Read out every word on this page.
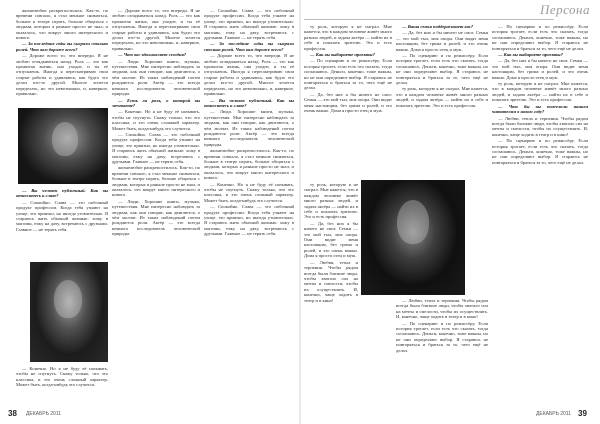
Персона

жизнелюбие раскрепостилось. Как-то, по времени совпало, я стал меньше сниматься, больше в театре играть, больше общаться с людьми, которых я раньше просто не знал, и оказалось, что вокруг много интересного и нового.

— За последние годы вы сыграли столько ролей. Что вам дороже всего?

— Дороже всего то, что впереди. Я не люблю оглядываться назад. Роль — это как прожитая жизнь, она уходит, и ты её отпускаешь. Иногда я пересматриваю свои старые работы и удивляюсь, как будто это делал кто-то другой. Многое хочется переделать, но это невозможно, и, наверное, правильно.

— Вы человек публичный. Как вы относитесь к славе?

— Спокойно. Слава — это побочный продукт профессии. Когда тебя узнают на улице, это приятно, но иногда утомительно. Я стараюсь жить обычной жизнью: хожу в магазин, езжу на дачу, встречаюсь с друзьями. Главное — не терять себя.

— Конечно. Но я не буду её называть, чтобы не спугнуть. Скажу только, что это классика, и это очень сложный характер. Может быть, когда-нибудь это случится.

— Дороже всего то, что впереди. Я не люблю оглядываться назад. Роль — это как прожитая жизнь, она уходит, и ты её отпускаешь. Иногда я пересматриваю свои старые работы и удивляюсь, как будто это делал кто-то другой. Многое хочется переделать, но это невозможно, и, наверное, правильно.

— Что вас вдохновляет сегодня?

— Люди. Хорошие книги, музыка, путешествия. Мне интересно наблюдать за людьми, как они говорят, как двигаются, о чём молчат. Из таких наблюдений потом рождаются роли. Актёр — это всегда немного исследователь человеческой природы.

— Есть ли роль, о которой вы мечтаете?

— Конечно. Но я не буду её называть, чтобы не спугнуть. Скажу только, что это классика, и это очень сложный характер. Может быть, когда-нибудь это случится.

— Спокойно. Слава — это побочный продукт профессии. Когда тебя узнают на улице, это приятно, но иногда утомительно. Я стараюсь жить обычной жизнью: хожу в магазин, езжу на дачу, встречаюсь с друзьями. Главное — не терять себя.

жизнелюбие раскрепостилось. Как-то, по времени совпало, я стал меньше сниматься, больше в театре играть, больше общаться с людьми, которых я раньше просто не знал, и оказалось, что вокруг много интересного и нового.

— Люди. Хорошие книги, музыка, путешествия. Мне интересно наблюдать за людьми, как они говорят, как двигаются, о чём молчат. Из таких наблюдений потом рождаются роли. Актёр — это всегда немного исследователь человеческой природы.

— Спокойно. Слава — это побочный продукт профессии. Когда тебя узнают на улице, это приятно, но иногда утомительно. Я стараюсь жить обычной жизнью: хожу в магазин, езжу на дачу, встречаюсь с друзьями. Главное — не терять себя.

— За последние годы вы сыграли столько ролей. Что вам дороже всего?

— Дороже всего то, что впереди. Я не люблю оглядываться назад. Роль — это как прожитая жизнь, она уходит, и ты её отпускаешь. Иногда я пересматриваю свои старые работы и удивляюсь, как будто это делал кто-то другой. Многое хочется переделать, но это невозможно, и, наверное, правильно.

— Вы человек публичный. Как вы относитесь к славе?

— Люди. Хорошие книги, музыка, путешествия. Мне интересно наблюдать за людьми, как они говорят, как двигаются, о чём молчат. Из таких наблюдений потом рождаются роли. Актёр — это всегда немного исследователь человеческой природы.

жизнелюбие раскрепостилось. Как-то, по времени совпало, я стал меньше сниматься, больше в театре играть, больше общаться с людьми, которых я раньше просто не знал, и оказалось, что вокруг много интересного и нового.

— Конечно. Но я не буду её называть, чтобы не спугнуть. Скажу только, что это классика, и это очень сложный характер. Может быть, когда-нибудь это случится.

— Спокойно. Слава — это побочный продукт профессии. Когда тебя узнают на улице, это приятно, но иногда утомительно. Я стараюсь жить обычной жизнью: хожу в магазин, езжу на дачу, встречаюсь с друзьями. Главное — не терять себя.

38 ДЕКАБРЬ 2011

ту роль, которую я не сыграл. Мне кажется, что в каждом человеке живёт много разных людей, и задача актёра — найти их в себе и показать зрителю. Это и есть профессия.

— Как вы выбираете проекты?

— По сценарию и по режиссёру. Если история трогает, если есть что сказать, тогда соглашаюсь. Деньги, конечно, тоже важны, но не они определяют выбор. Я стараюсь не повторяться и браться за то, чего ещё не делал.

— Да, без них я бы ничего не смог. Семья — это мой тыл, моя опора. Они видят меня настоящим, без грима и ролей, и это очень важно. Дома я просто отец и муж.

— Ваша семья поддерживает вас?

— Да, без них я бы ничего не смог. Семья — это мой тыл, моя опора. Они видят меня настоящим, без грима и ролей, и это очень важно. Дома я просто отец и муж.

— По сценарию и по режиссёру. Если история трогает, если есть что сказать, тогда соглашаюсь. Деньги, конечно, тоже важны, но не они определяют выбор. Я стараюсь не повторяться и браться за то, чего ещё не делал.

ту роль, которую я не сыграл. Мне кажется, что в каждом человеке живёт много разных людей, и задача актёра — найти их в себе и показать зрителю. Это и есть профессия.

— По сценарию и по режиссёру. Если история трогает, если есть что сказать, тогда соглашаюсь. Деньги, конечно, тоже важны, но не они определяют выбор. Я стараюсь не повторяться и браться за то, чего ещё не делал.

— Как вы выбираете проекты?

— Да, без них я бы ничего не смог. Семья — это мой тыл, моя опора. Они видят меня настоящим, без грима и ролей, и это очень важно. Дома я просто отец и муж.

ту роль, которую я не сыграл. Мне кажется, что в каждом человеке живёт много разных людей, и задача актёра — найти их в себе и показать зрителю. Это и есть профессия.

— Что бы вы пожелали нашим читателям в новом году?

— Любви, тепла и терпения. Чтобы рядом всегда были близкие люди, чтобы хватало сил на мечты и смелости, чтобы их осуществлять. И, конечно, чаще ходить в театр и в кино!

— По сценарию и по режиссёру. Если история трогает, если есть что сказать, тогда соглашаюсь. Деньги, конечно, тоже важны, но не они определяют выбор. Я стараюсь не повторяться и браться за то, чего ещё не делал.

ту роль, которую я не сыграл. Мне кажется, что в каждом человеке живёт много разных людей, и задача актёра — найти их в себе и показать зрителю. Это и есть профессия.

— Да, без них я бы ничего не смог. Семья — это мой тыл, моя опора. Они видят меня настоящим, без грима и ролей, и это очень важно. Дома я просто отец и муж.

— Любви, тепла и терпения. Чтобы рядом всегда были близкие люди, чтобы хватало сил на мечты и смелости, чтобы их осуществлять. И, конечно, чаще ходить в театр и в кино!	— Любви, тепла и терпения. Чтобы рядом всегда были близкие люди, чтобы хватало сил на мечты и смелости, чтобы их осуществлять. И, конечно, чаще ходить в театр и в кино!

— По сценарию и по режиссёру. Если история трогает, если есть что сказать, тогда соглашаюсь. Деньги, конечно, тоже важны, но не они определяют выбор. Я стараюсь не повторяться и браться за то, чего ещё не делал.

39
ДЕКАБРЬ 2011
